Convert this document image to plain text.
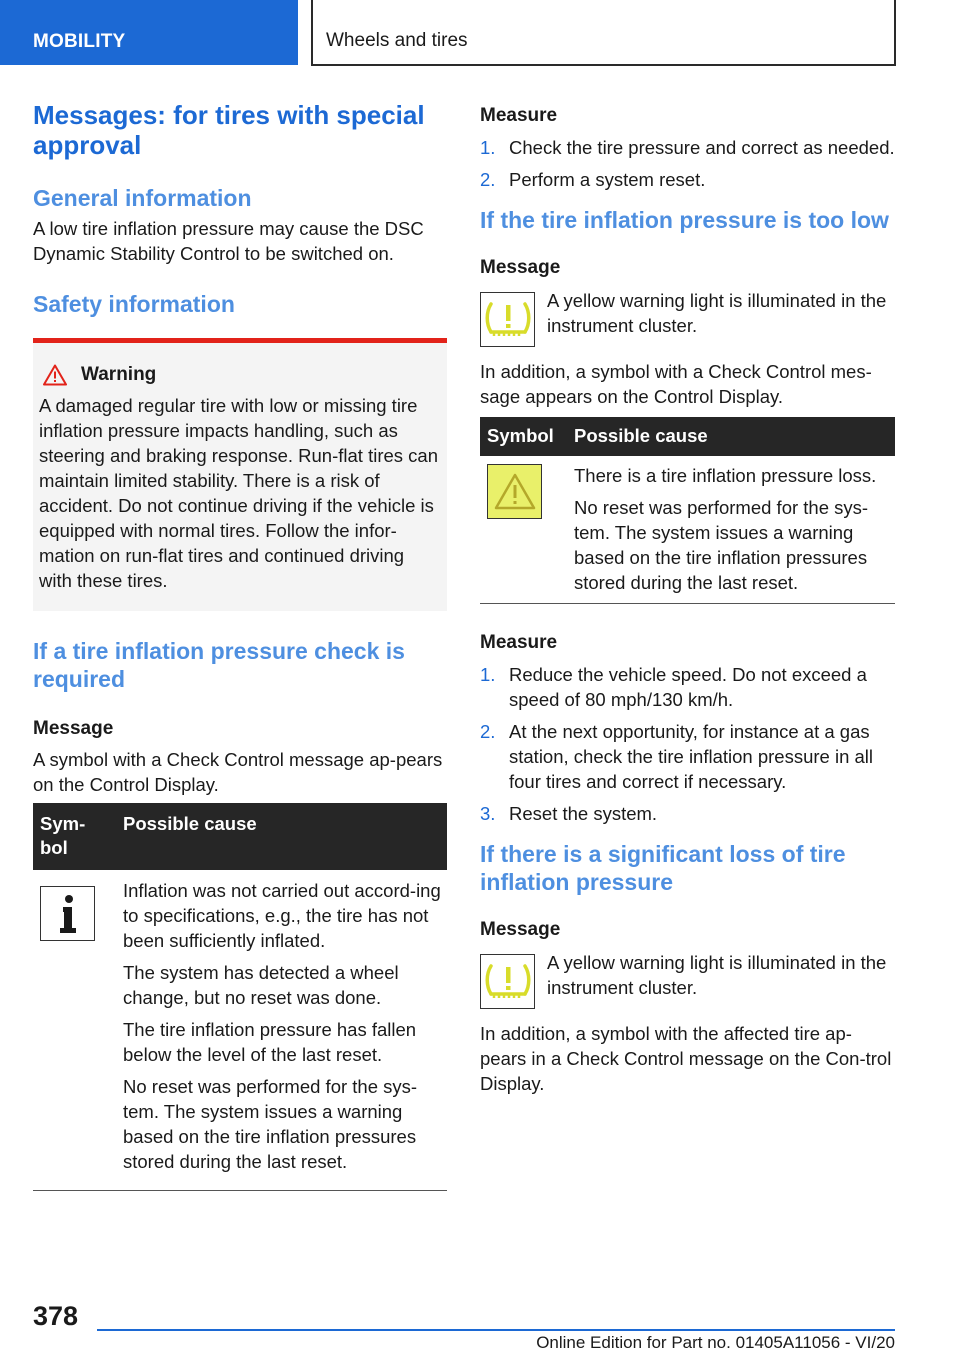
MOBILITY	Wheels and tires
Messages: for tires with special approval
General information
A low tire inflation pressure may cause the DSC Dynamic Stability Control to be switched on.
Safety information
Warning
A damaged regular tire with low or missing tire inflation pressure impacts handling, such as steering and braking response. Run-flat tires can maintain limited stability. There is a risk of accident. Do not continue driving if the vehicle is equipped with normal tires. Follow the infor-mation on run-flat tires and continued driving with these tires.
If a tire inflation pressure check is required
Message
A symbol with a Check Control message ap-pears on the Control Display.
Sym-bol	Possible cause

Inflation was not carried out accord-ing to specifications, e.g., the tire has not been sufficiently inflated.
The system has detected a wheel change, but no reset was done.
The tire inflation pressure has fallen below the level of the last reset.
No reset was performed for the sys-tem. The system issues a warning based on the tire inflation pressures stored during the last reset.
Measure
1. Check the tire pressure and correct as needed.
2. Perform a system reset.
If the tire inflation pressure is too low
Message
A yellow warning light is illuminated in the instrument cluster.
In addition, a symbol with a Check Control mes-sage appears on the Control Display.
Symbol	Possible cause

There is a tire inflation pressure loss.
No reset was performed for the sys-tem. The system issues a warning based on the tire inflation pressures stored during the last reset.
Measure
1. Reduce the vehicle speed. Do not exceed a speed of 80 mph/130 km/h.
2. At the next opportunity, for instance at a gas station, check the tire inflation pressure in all four tires and correct if necessary.
3. Reset the system.
If there is a significant loss of tire inflation pressure
Message
A yellow warning light is illuminated in the instrument cluster.
In addition, a symbol with the affected tire ap-pears in a Check Control message on the Con-trol Display.
378
Online Edition for Part no. 01405A11056 - VI/20
